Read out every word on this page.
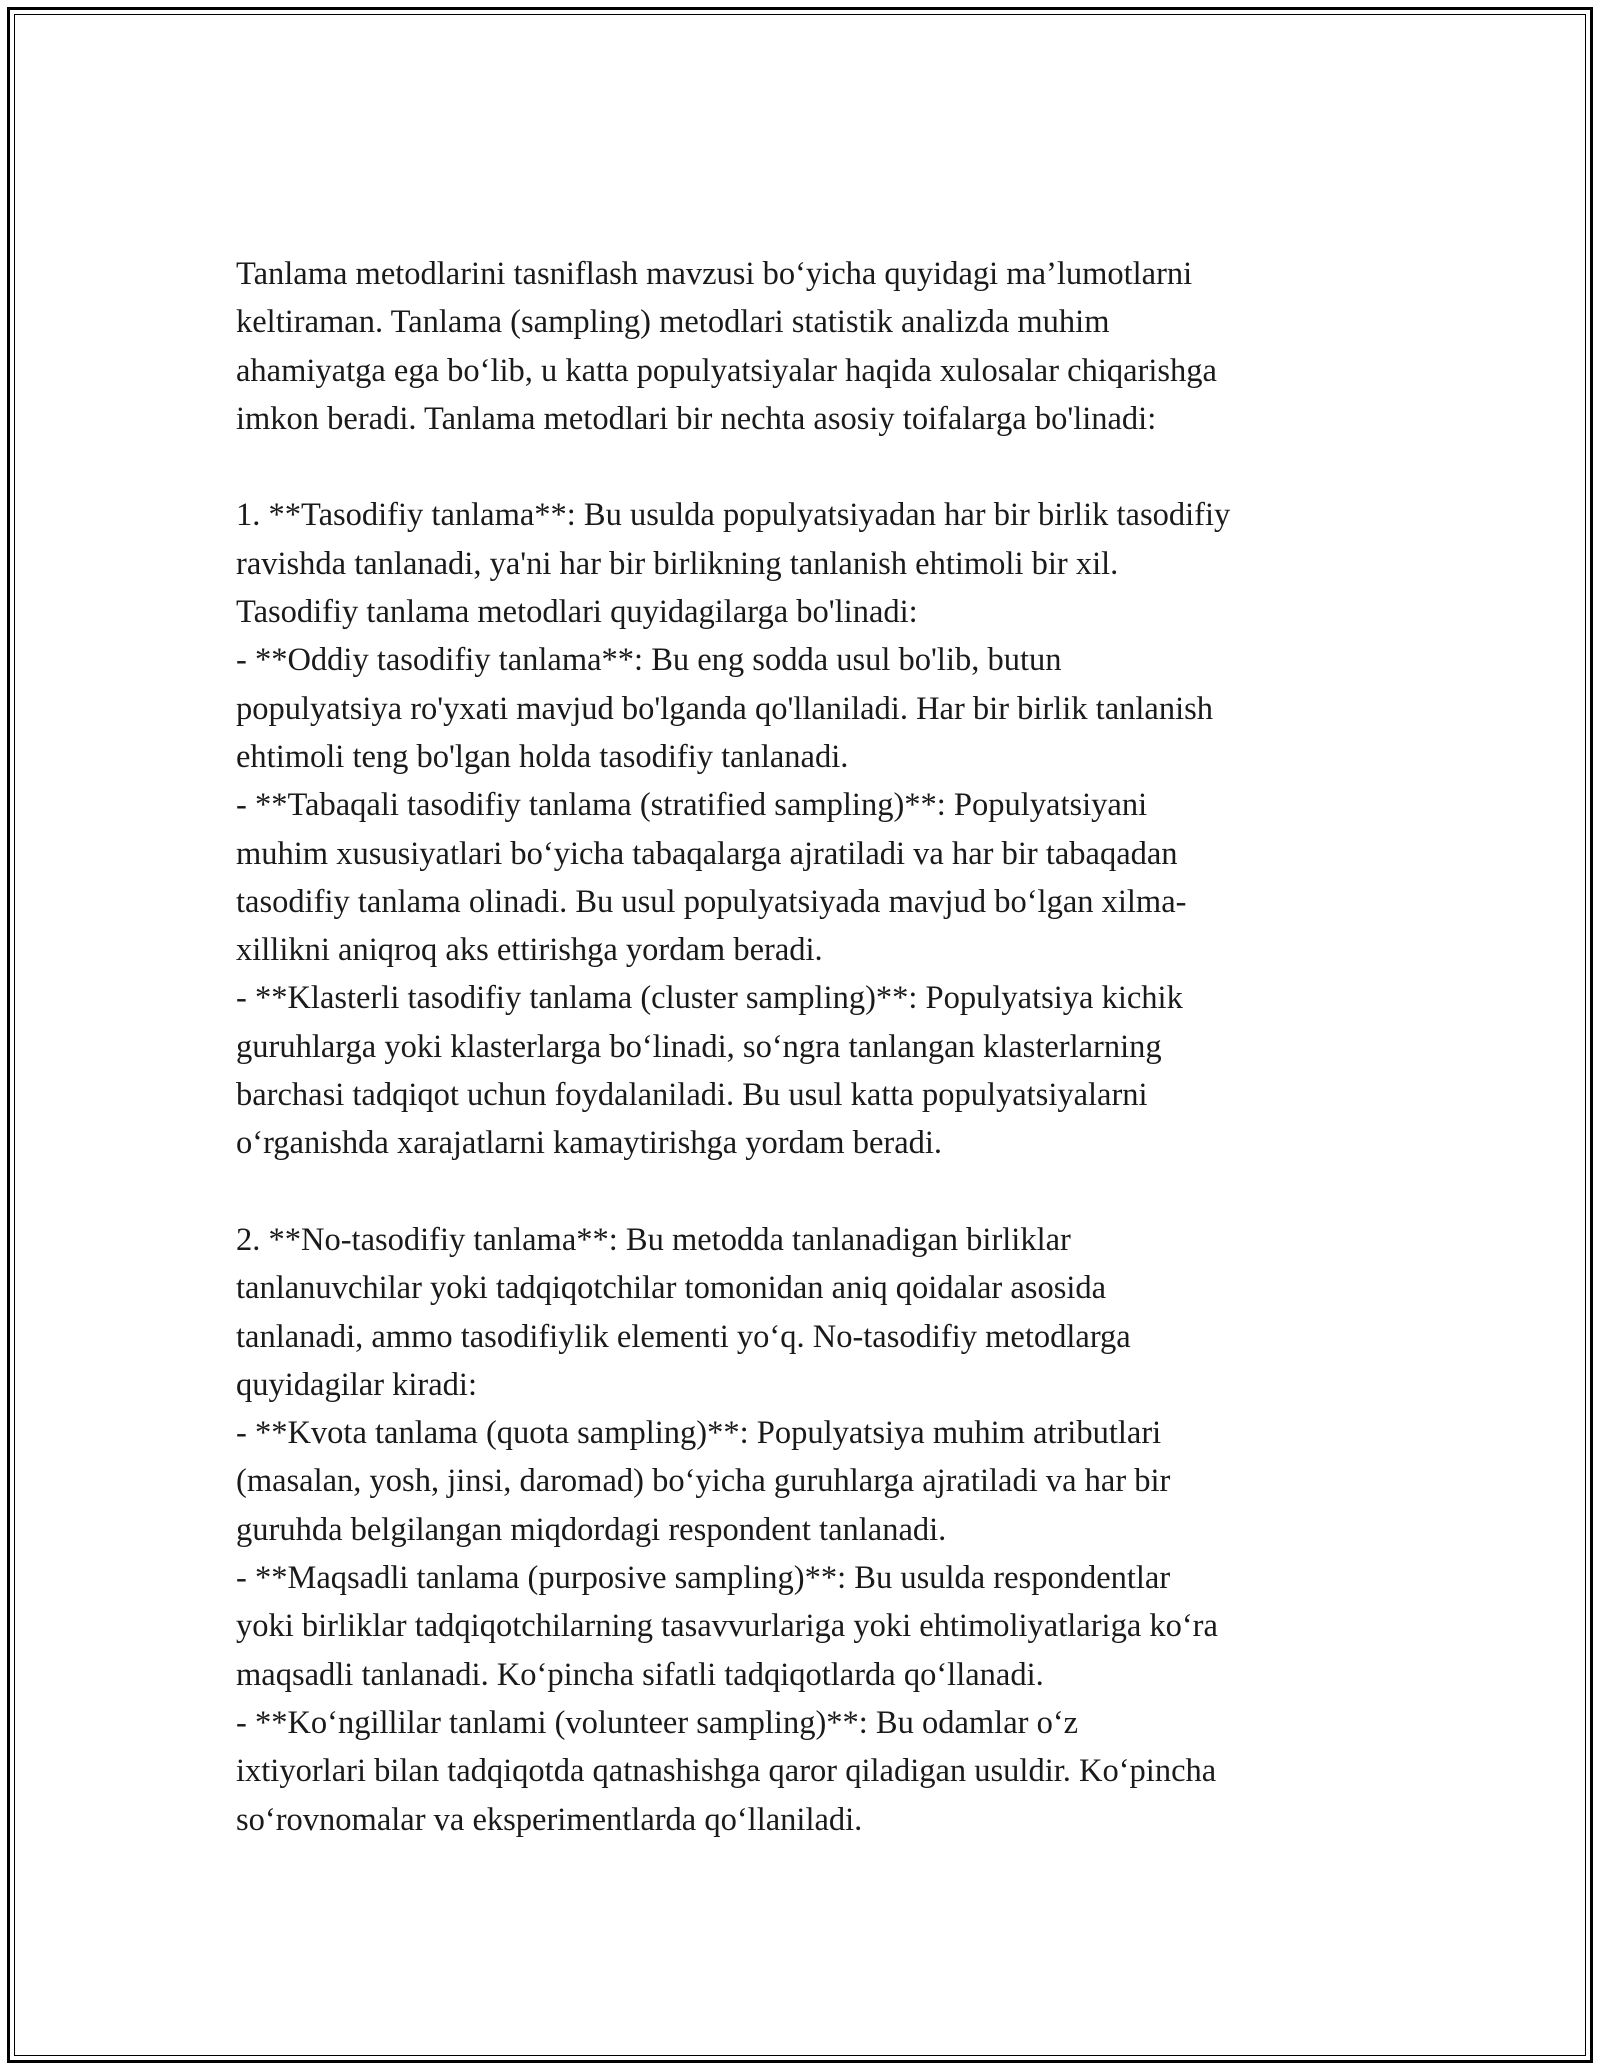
Tanlama metodlarini tasniflash mavzusi bo‘yicha quyidagi ma’lumotlarni
keltiraman. Tanlama (sampling) metodlari statistik analizda muhim
ahamiyatga ega bo‘lib, u katta populyatsiyalar haqida xulosalar chiqarishga
imkon beradi. Tanlama metodlari bir nechta asosiy toifalarga bo'linadi:

1. **Tasodifiy tanlama**: Bu usulda populyatsiyadan har bir birlik tasodifiy
ravishda tanlanadi, ya'ni har bir birlikning tanlanish ehtimoli bir xil.
Tasodifiy tanlama metodlari quyidagilarga bo'linadi:
- **Oddiy tasodifiy tanlama**: Bu eng sodda usul bo'lib, butun
populyatsiya ro'yxati mavjud bo'lganda qo'llaniladi. Har bir birlik tanlanish
ehtimoli teng bo'lgan holda tasodifiy tanlanadi.
- **Tabaqali tasodifiy tanlama (stratified sampling)**: Populyatsiyani
muhim xususiyatlari bo‘yicha tabaqalarga ajratiladi va har bir tabaqadan
tasodifiy tanlama olinadi. Bu usul populyatsiyada mavjud bo‘lgan xilma-
xillikni aniqroq aks ettirishga yordam beradi.
- **Klasterli tasodifiy tanlama (cluster sampling)**: Populyatsiya kichik
guruhlarga yoki klasterlarga bo‘linadi, so‘ngra tanlangan klasterlarning
barchasi tadqiqot uchun foydalaniladi. Bu usul katta populyatsiyalarni
o‘rganishda xarajatlarni kamaytirishga yordam beradi.

2. **No-tasodifiy tanlama**: Bu metodda tanlanadigan birliklar
tanlanuvchilar yoki tadqiqotchilar tomonidan aniq qoidalar asosida
tanlanadi, ammo tasodifiylik elementi yo‘q. No-tasodifiy metodlarga
quyidagilar kiradi:
- **Kvota tanlama (quota sampling)**: Populyatsiya muhim atributlari
(masalan, yosh, jinsi, daromad) bo‘yicha guruhlarga ajratiladi va har bir
guruhda belgilangan miqdordagi respondent tanlanadi.
- **Maqsadli tanlama (purposive sampling)**: Bu usulda respondentlar
yoki birliklar tadqiqotchilarning tasavvurlariga yoki ehtimoliyatlariga ko‘ra
maqsadli tanlanadi. Ko‘pincha sifatli tadqiqotlarda qo‘llanadi.
- **Ko‘ngillilar tanlami (volunteer sampling)**: Bu odamlar o‘z
ixtiyorlari bilan tadqiqotda qatnashishga qaror qiladigan usuldir. Ko‘pincha
so‘rovnomalar va eksperimentlarda qo‘llaniladi.
